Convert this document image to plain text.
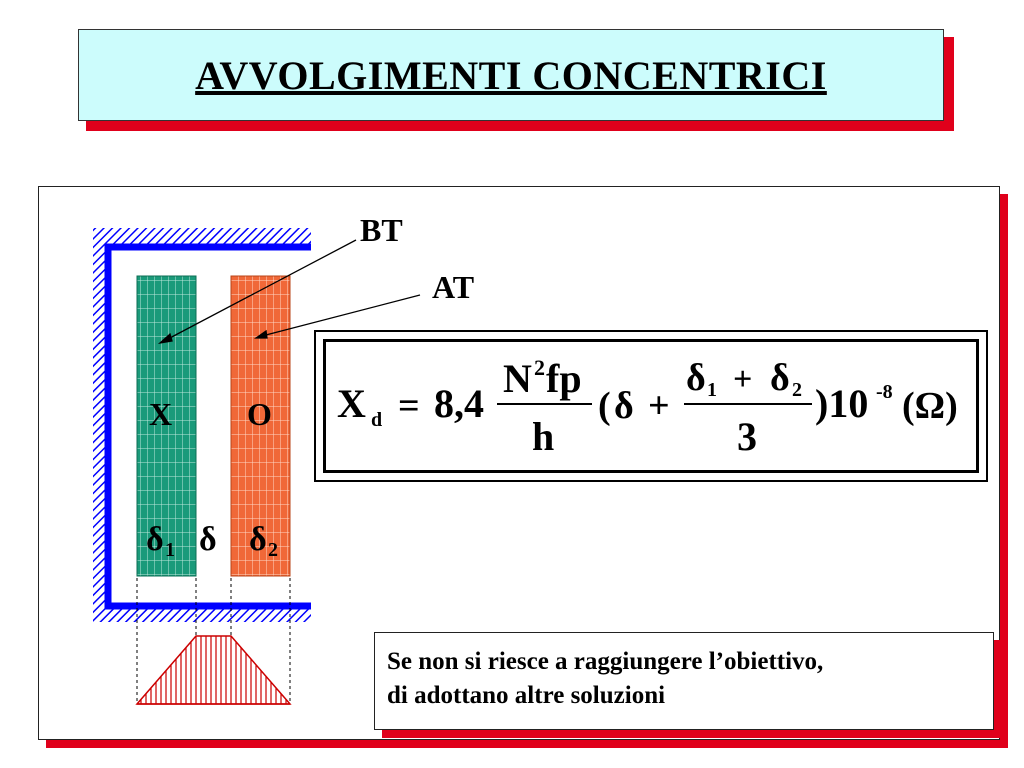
AVVOLGIMENTI CONCENTRICI
BT
AT
X O
δ 1 δ δ 2
X d = 8,4
N 2 fp
h
( δ +
δ 1 + δ 2
3
)10 -8 (Ω)
Se non si riesce a raggiungere l’obiettivo,
di adottano altre soluzioni
